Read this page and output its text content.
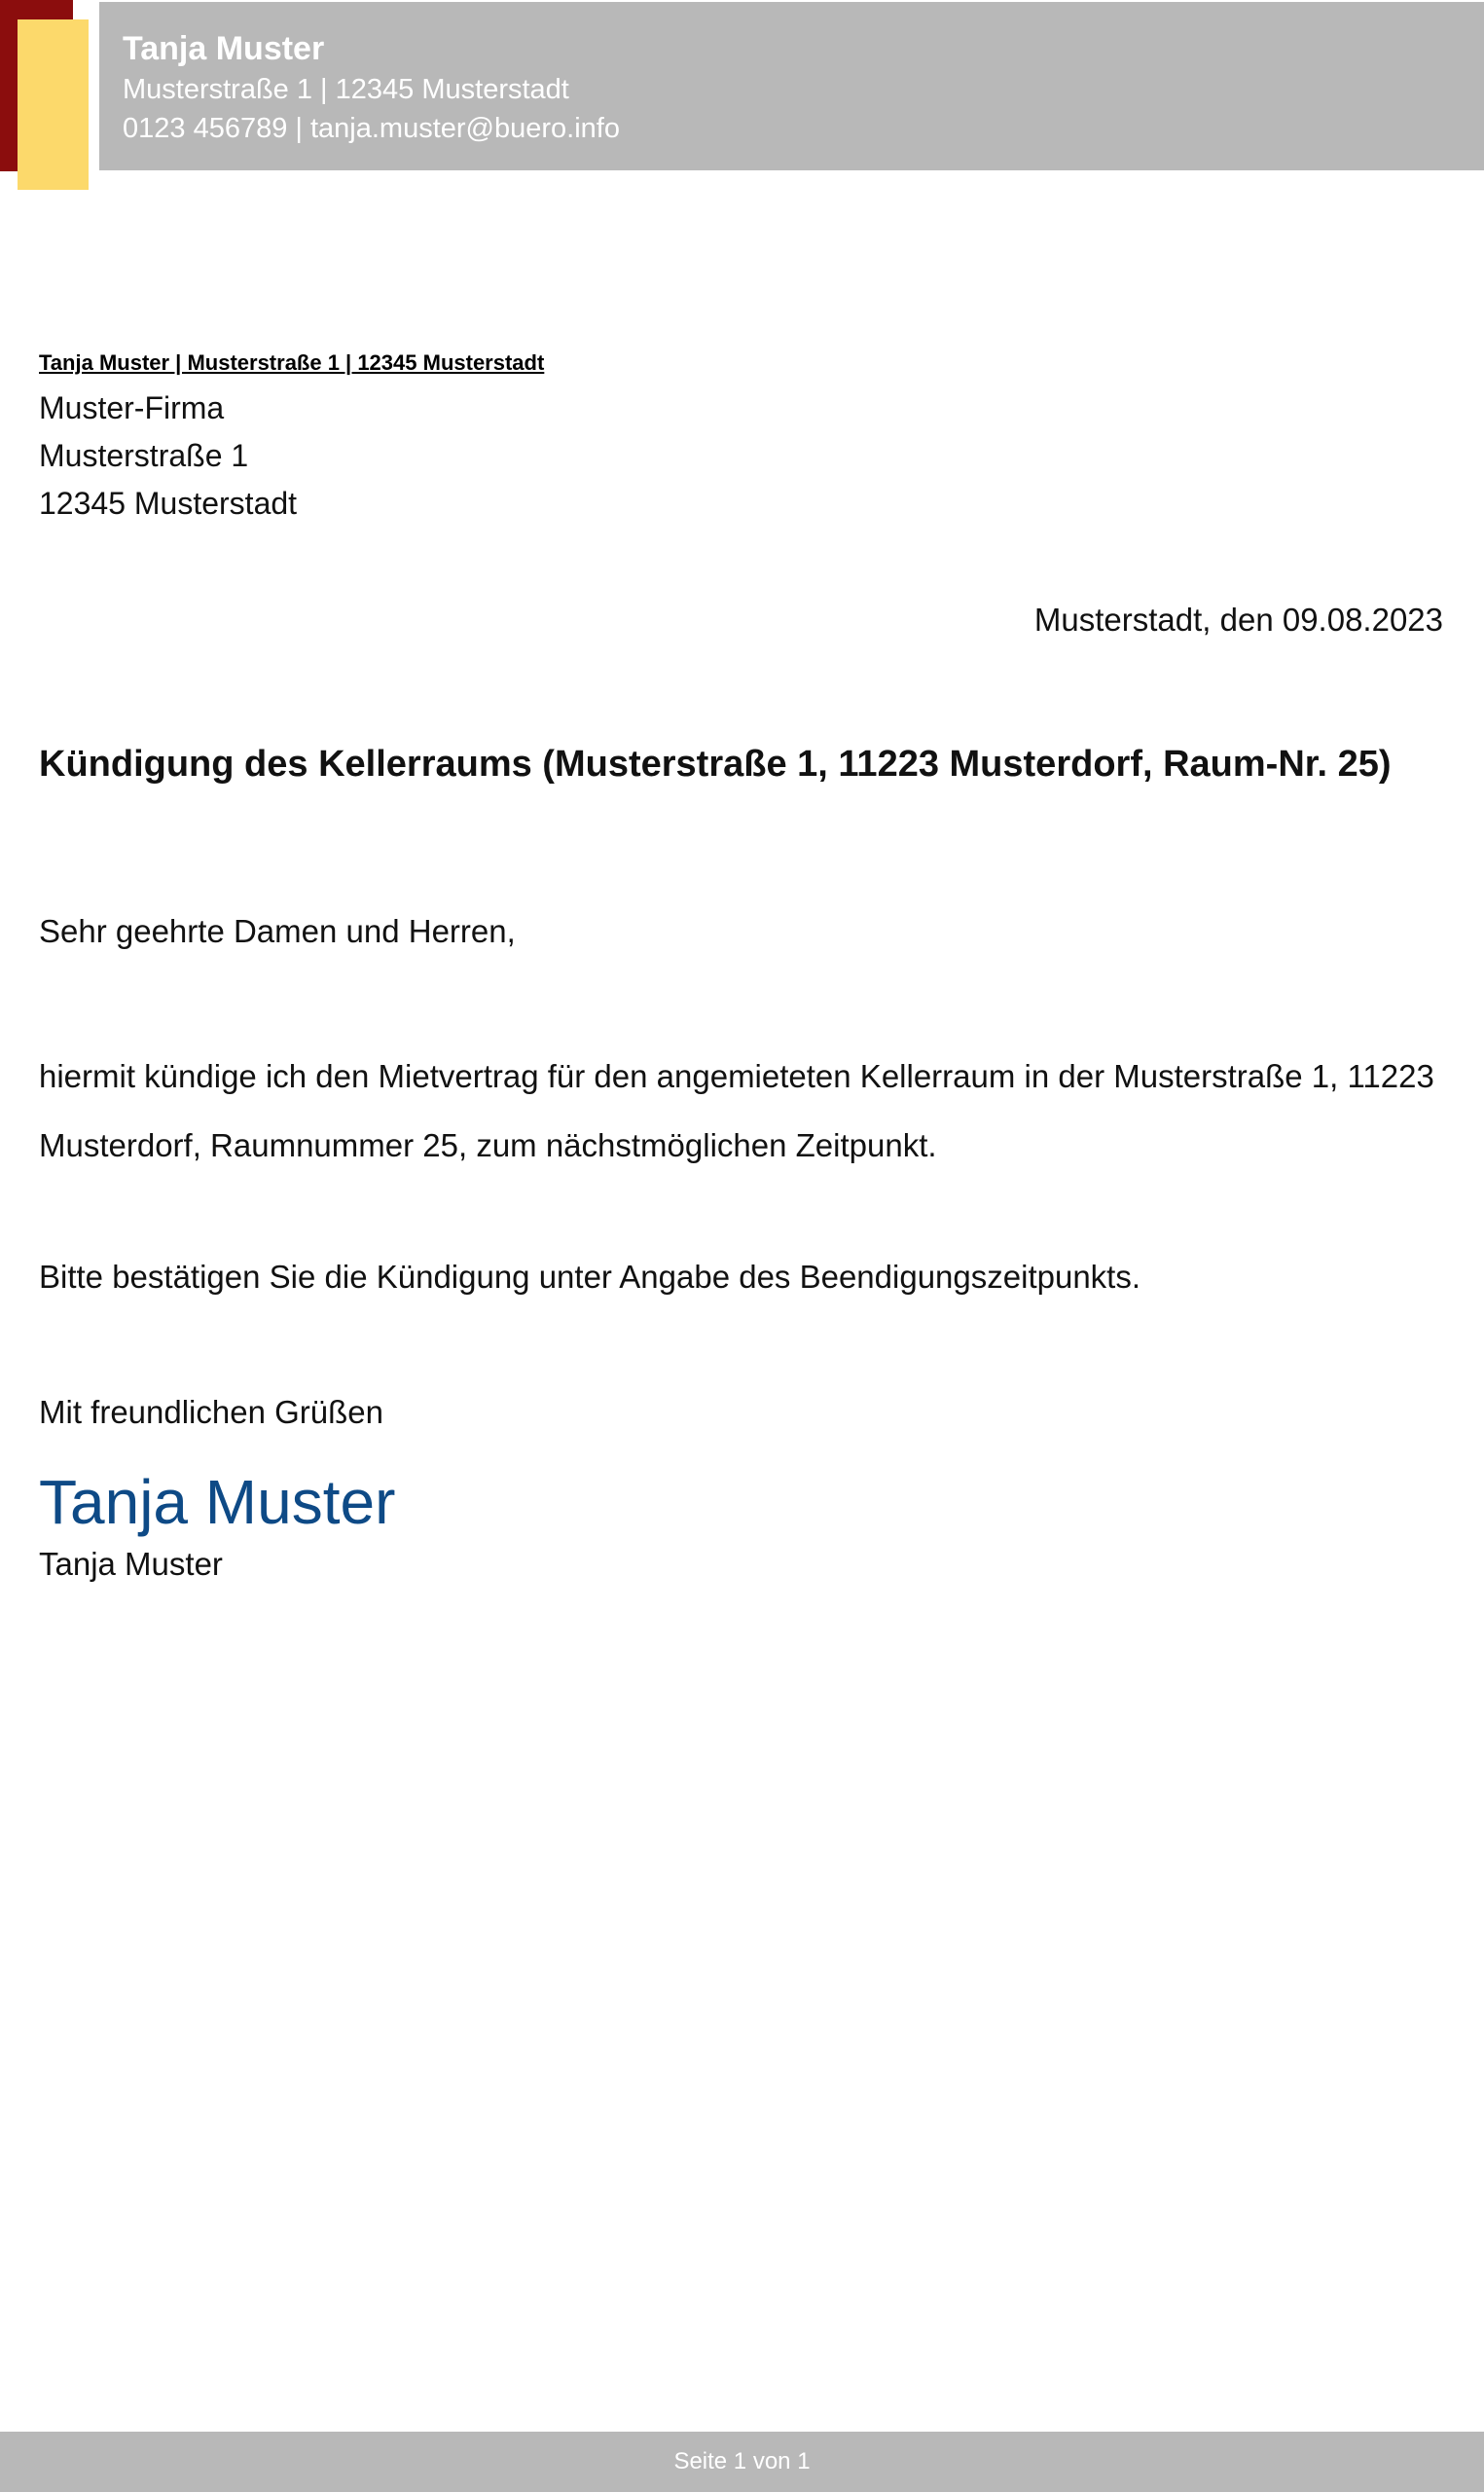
Tanja Muster

Musterstraße 1 | 12345 Musterstadt

0123 456789 | tanja.muster@buero.info

Tanja Muster | Musterstraße 1 | 12345 Musterstadt

Muster-Firma
Musterstraße 1
12345 Musterstadt

Musterstadt, den 09.08.2023

Kündigung des Kellerraums (Musterstraße 1, 11223 Musterdorf, Raum-Nr. 25)

Sehr geehrte Damen und Herren,

hiermit kündige ich den Mietvertrag für den angemieteten Kellerraum in der Musterstraße 1, 11223 Musterdorf, Raumnummer 25, zum nächstmöglichen Zeitpunkt.

Bitte bestätigen Sie die Kündigung unter Angabe des Beendigungszeitpunkts.

Mit freundlichen Grüßen

Tanja Muster

Tanja Muster

Seite 1 von 1
